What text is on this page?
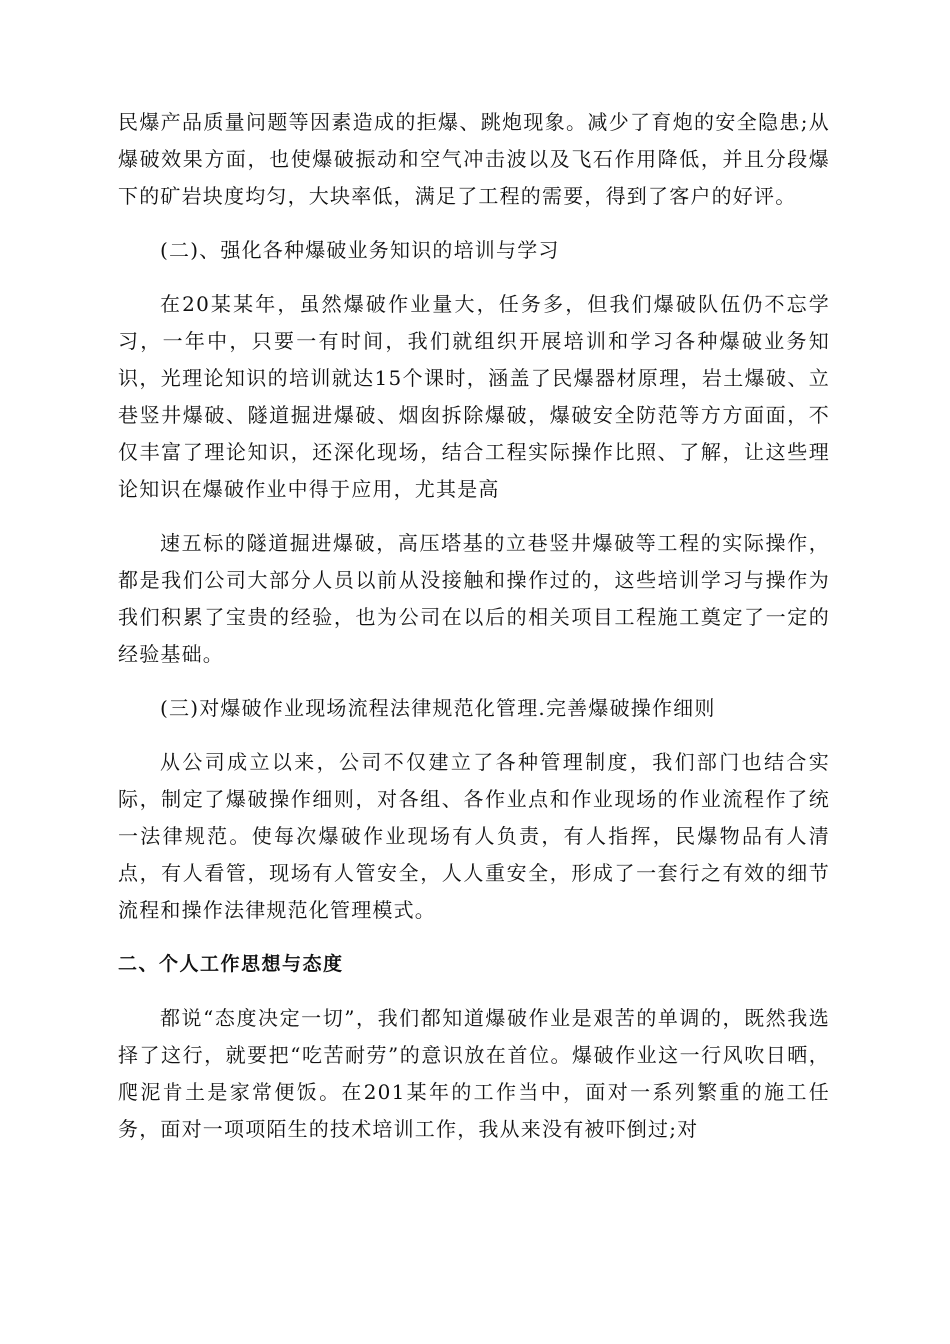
民爆产品质量问题等因素造成的拒爆、跳炮现象。减少了育炮的安全隐患;从爆破效果方面，也使爆破振动和空气冲击波以及飞石作用降低，并且分段爆下的矿岩块度均匀，大块率低，满足了工程的需要，得到了客户的好评。

(二)、强化各种爆破业务知识的培训与学习

在20某某年，虽然爆破作业量大，任务多，但我们爆破队伍仍不忘学习，一年中，只要一有时间，我们就组织开展培训和学习各种爆破业务知识，光理论知识的培训就达15个课时，涵盖了民爆器材原理，岩土爆破、立巷竖井爆破、隧道掘进爆破、烟囱拆除爆破，爆破安全防范等方方面面，不仅丰富了理论知识，还深化现场，结合工程实际操作比照、了解，让这些理论知识在爆破作业中得于应用，尤其是高

速五标的隧道掘进爆破，高压塔基的立巷竖井爆破等工程的实际操作，都是我们公司大部分人员以前从没接触和操作过的，这些培训学习与操作为我们积累了宝贵的经验，也为公司在以后的相关项目工程施工奠定了一定的经验基础。

(三)对爆破作业现场流程法律规范化管理.完善爆破操作细则

从公司成立以来，公司不仅建立了各种管理制度，我们部门也结合实际，制定了爆破操作细则，对各组、各作业点和作业现场的作业流程作了统一法律规范。使每次爆破作业现场有人负责，有人指挥，民爆物品有人清点，有人看管，现场有人管安全，人人重安全，形成了一套行之有效的细节流程和操作法律规范化管理模式。

二、个人工作思想与态度

都说“态度决定一切”，我们都知道爆破作业是艰苦的单调的，既然我选择了这行，就要把“吃苦耐劳”的意识放在首位。爆破作业这一行风吹日晒，爬泥肯土是家常便饭。在201某年的工作当中，面对一系列繁重的施工任务，面对一项项陌生的技术培训工作，我从来没有被吓倒过;对
